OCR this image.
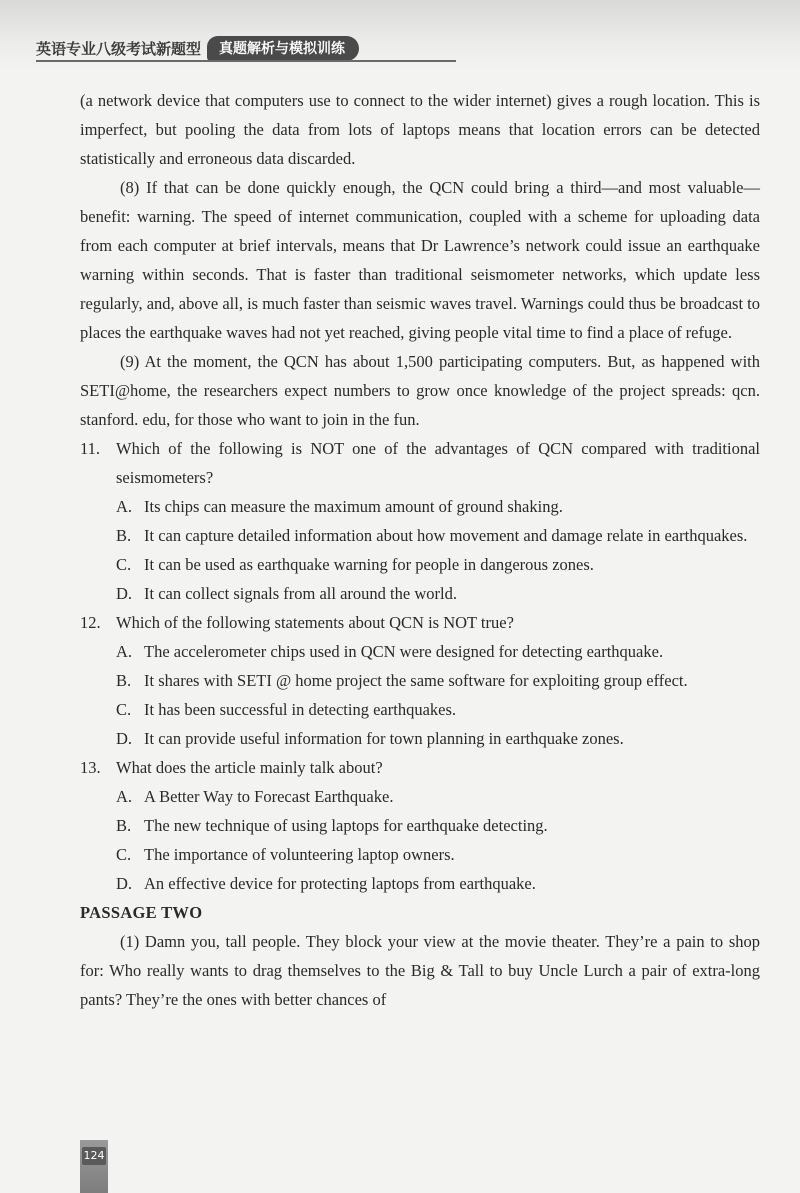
英语专业八级考试新题型	真题解析与模拟训练

(a network device that computers use to connect to the wider internet) gives a rough location. This is imperfect, but pooling the data from lots of laptops means that location errors can be detected statistically and erroneous data discarded.

(8) If that can be done quickly enough, the QCN could bring a third—and most valuable—benefit: warning. The speed of internet communication, coupled with a scheme for uploading data from each computer at brief intervals, means that Dr Lawrence’s network could issue an earthquake warning within seconds. That is faster than traditional seismometer networks, which update less regularly, and, above all, is much faster than seismic waves travel. Warnings could thus be broadcast to places the earthquake waves had not yet reached, giving people vital time to find a place of refuge.

(9) At the moment, the QCN has about 1,500 participating computers. But, as happened with SETI@home, the researchers expect numbers to grow once knowledge of the project spreads: qcn. stanford. edu, for those who want to join in the fun.

11. Which of the following is NOT one of the advantages of QCN compared with traditional seismometers?
A. Its chips can measure the maximum amount of ground shaking.
B. It can capture detailed information about how movement and damage relate in earthquakes.
C. It can be used as earthquake warning for people in dangerous zones.
D. It can collect signals from all around the world.
12. Which of the following statements about QCN is NOT true?
A. The accelerometer chips used in QCN were designed for detecting earthquake.
B. It shares with SETI @ home project the same software for exploiting group effect.
C. It has been successful in detecting earthquakes.
D. It can provide useful information for town planning in earthquake zones.
13. What does the article mainly talk about?
A. A Better Way to Forecast Earthquake.
B. The new technique of using laptops for earthquake detecting.
C. The importance of volunteering laptop owners.
D. An effective device for protecting laptops from earthquake.

PASSAGE TWO

(1) Damn you, tall people. They block your view at the movie theater. They’re a pain to shop for: Who really wants to drag themselves to the Big & Tall to buy Uncle Lurch a pair of extra-long pants? They’re the ones with better chances of

124
